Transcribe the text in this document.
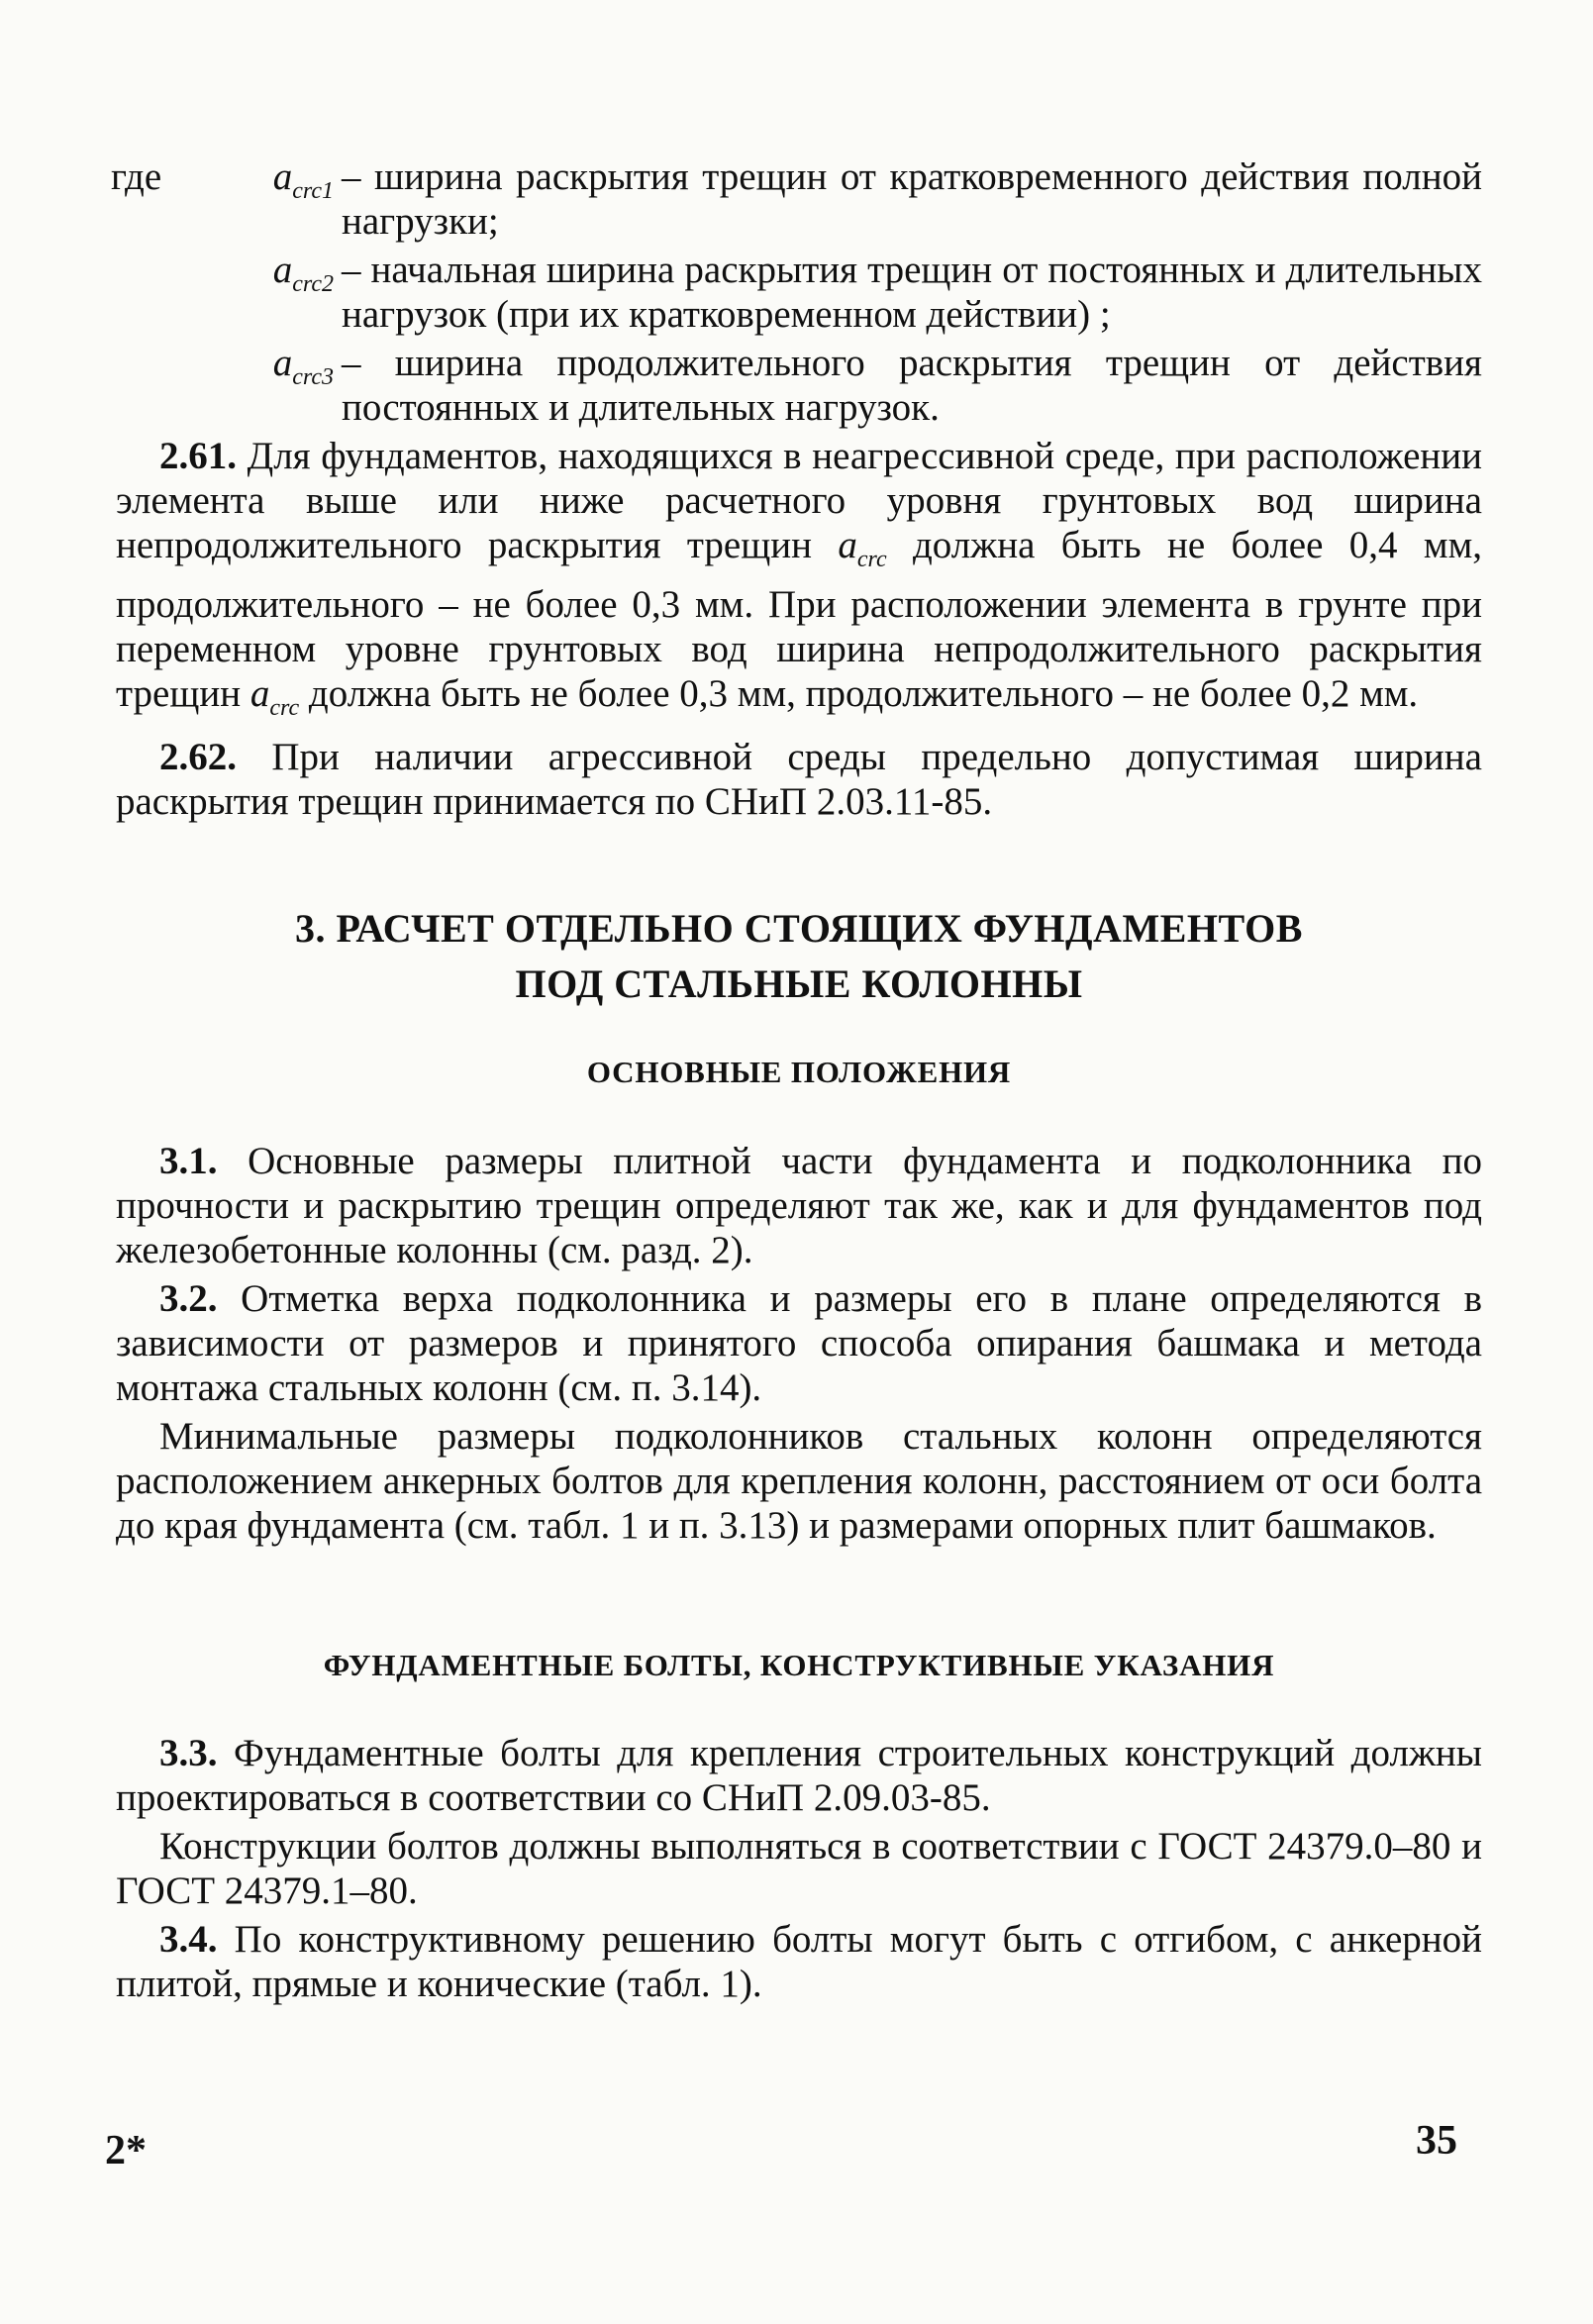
где	$a_{crc1}$ – ширина раскрытия трещин от кратковременного действия полной нагрузки;
$a_{crc2}$ – начальная ширина раскрытия трещин от постоянных и длительных нагрузок (при их кратковременном действии) ;
$a_{crc3}$ – ширина продолжительного раскрытия трещин от действия постоянных и длительных нагрузок.

2.61. Для фундаментов, находящихся в неагрессивной среде, при расположении элемента выше или ниже расчетного уровня грунтовых вод ширина непродолжительного раскрытия трещин $a_{crc}$ должна быть не более 0,4 мм, продолжительного – не более 0,3 мм. При расположении элемента в грунте при переменном уровне грунтовых вод ширина непродолжительного раскрытия трещин $a_{crc}$ должна быть не более 0,3 мм, продолжительного – не более 0,2 мм.

2.62. При наличии агрессивной среды предельно допустимая ширина раскрытия трещин принимается по СНиП 2.03.11-85.

3. РАСЧЕТ ОТДЕЛЬНО СТОЯЩИХ ФУНДАМЕНТОВ
ПОД СТАЛЬНЫЕ КОЛОННЫ
ОСНОВНЫЕ ПОЛОЖЕНИЯ

3.1. Основные размеры плитной части фундамента и подколонника по прочности и раскрытию трещин определяют так же, как и для фундаментов под железобетонные колонны (см. разд. 2).

3.2. Отметка верха подколонника и размеры его в плане определяются в зависимости от размеров и принятого способа опирания башмака и метода монтажа стальных колонн (см. п. 3.14).

Минимальные размеры подколонников стальных колонн определяются расположением анкерных болтов для крепления колонн, расстоянием от оси болта до края фундамента (см. табл. 1 и п. 3.13) и размерами опорных плит башмаков.

ФУНДАМЕНТНЫЕ БОЛТЫ, КОНСТРУКТИВНЫЕ УКАЗАНИЯ

3.3. Фундаментные болты для крепления строительных конструкций должны проектироваться в соответствии со СНиП 2.09.03-85.

Конструкции болтов должны выполняться в соответствии с ГОСТ 24379.0–80 и ГОСТ 24379.1–80.

3.4. По конструктивному решению болты могут быть с отгибом, с анкерной плитой, прямые и конические (табл. 1).

2*	35
